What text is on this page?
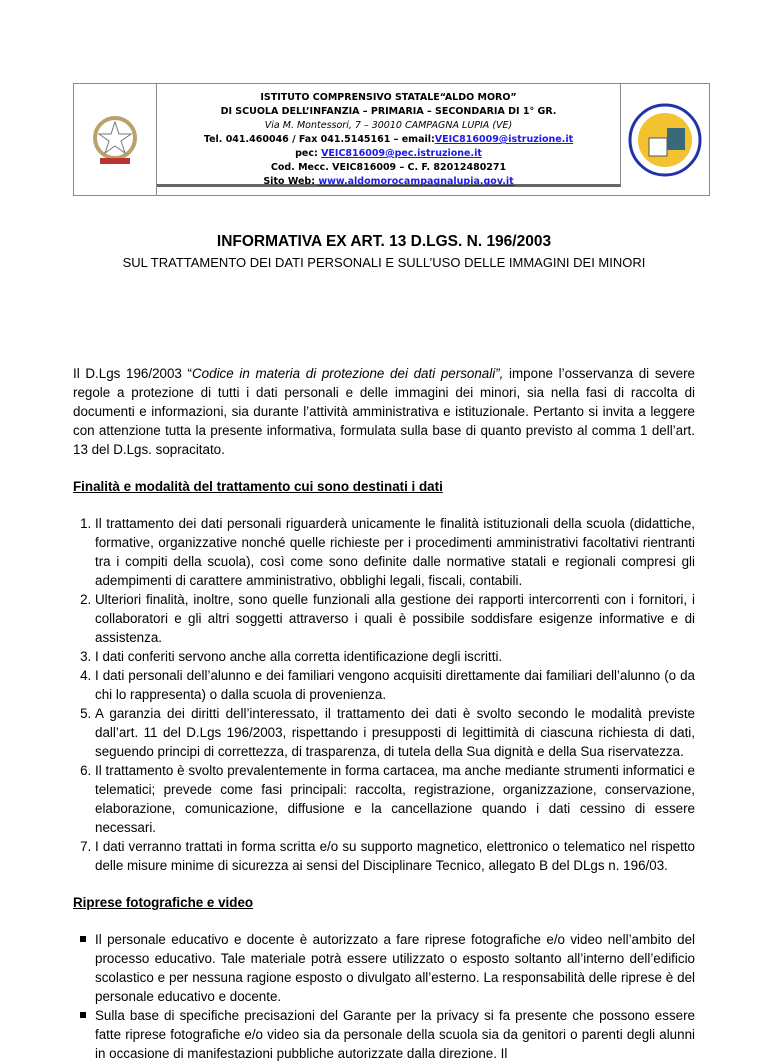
ISTITUTO COMPRENSIVO STATALE“ALDO MORO”
DI SCUOLA DELL’INFANZIA – PRIMARIA – SECONDARIA DI 1° GR.
Via M. Montessori, 7 – 30010 CAMPAGNA LUPIA (VE)
Tel. 041.460046 / Fax 041.5145161 – email:VEIC816009@istruzione.it
pec: VEIC816009@pec.istruzione.it
Cod. Mecc. VEIC816009 – C. F. 82012480271
Sito Web: www.aldomorocampagnalupia.gov.it
INFORMATIVA EX ART. 13 D.LGS. N. 196/2003
SUL TRATTAMENTO DEI DATI PERSONALI E SULL’USO DELLE IMMAGINI DEI MINORI

Il D.Lgs 196/2003 “Codice in materia di protezione dei dati personali”, impone l’osservanza di severe regole a protezione di tutti i dati personali e delle immagini dei minori, sia nella fasi di raccolta di documenti e informazioni, sia durante l’attività amministrativa e istituzionale. Pertanto si invita a leggere con attenzione tutta la presente informativa, formulata sulla base di quanto previsto al comma 1 dell’art. 13 del D.Lgs. sopracitato.

Finalità e modalità del trattamento cui sono destinati i dati
1. Il trattamento dei dati personali riguarderà unicamente le finalità istituzionali della scuola (didattiche, formative, organizzative nonché quelle richieste per i procedimenti amministrativi facoltativi rientranti tra i compiti della scuola), così come sono definite dalle normative statali e regionali compresi gli adempimenti di carattere amministrativo, obblighi legali, fiscali, contabili.
2. Ulteriori finalità, inoltre, sono quelle funzionali alla gestione dei rapporti intercorrenti con i fornitori, i collaboratori e gli altri soggetti attraverso i quali è possibile soddisfare esigenze informative e di assistenza.
3. I dati conferiti servono anche alla corretta identificazione degli iscritti.
4. I dati personali dell’alunno e dei familiari vengono acquisiti direttamente dai familiari dell’alunno (o da chi lo rappresenta) o dalla scuola di provenienza.
5. A garanzia dei diritti dell’interessato, il trattamento dei dati è svolto secondo le modalità previste dall’art. 11 del D.Lgs 196/2003, rispettando i presupposti di legittimità di ciascuna richiesta di dati, seguendo principi di correttezza, di trasparenza, di tutela della Sua dignità e della Sua riservatezza.
6. Il trattamento è svolto prevalentemente in forma cartacea, ma anche mediante strumenti informatici e telematici; prevede come fasi principali: raccolta, registrazione, organizzazione, conservazione, elaborazione, comunicazione, diffusione e la cancellazione quando i dati cessino di essere necessari.
7. I dati verranno trattati in forma scritta e/o su supporto magnetico, elettronico o telematico nel rispetto delle misure minime di sicurezza ai sensi del Disciplinare Tecnico, allegato B del DLgs n. 196/03.
Riprese fotografiche e video
Il personale educativo e docente è autorizzato a fare riprese fotografiche e/o video nell’ambito del processo educativo. Tale materiale potrà essere utilizzato o esposto soltanto all’interno dell’edificio scolastico e per nessuna ragione esposto o divulgato all’esterno. La responsabilità delle riprese è del personale educativo e docente.
Sulla base di specifiche precisazioni del Garante per la privacy si fa presente che possono essere fatte riprese fotografiche e/o video sia da personale della scuola sia da genitori o parenti degli alunni in occasione di manifestazioni pubbliche autorizzate dalla direzione. Il
